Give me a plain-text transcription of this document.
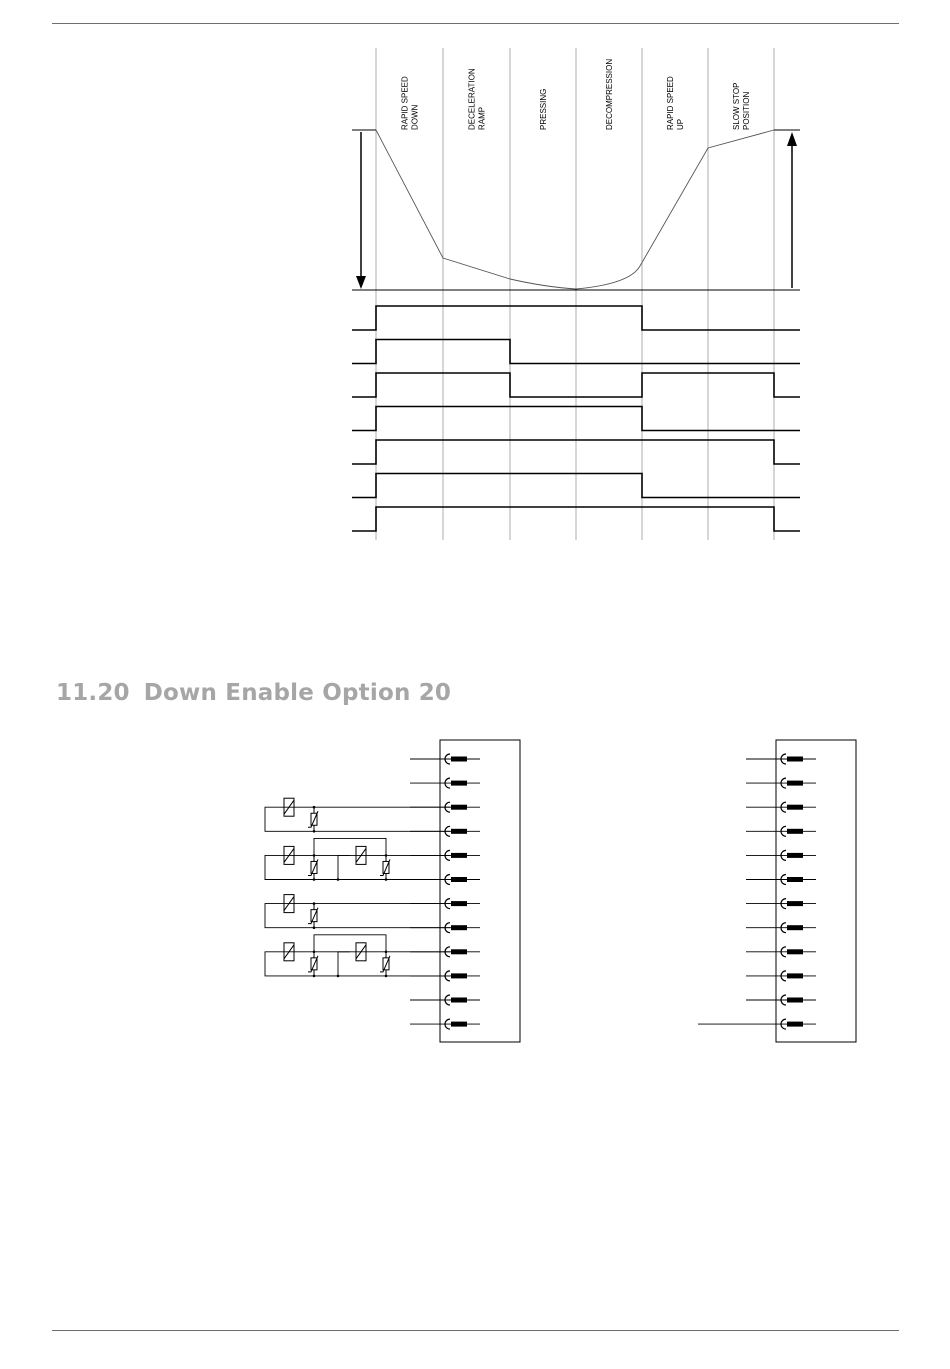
RAPID SPEED DOWN	DECELERATION RAMP	PRESSING	DECOMPRESSION	RAPID SPEED UP	SLOW STOP POSITION
11.20 Down Enable Option 20
